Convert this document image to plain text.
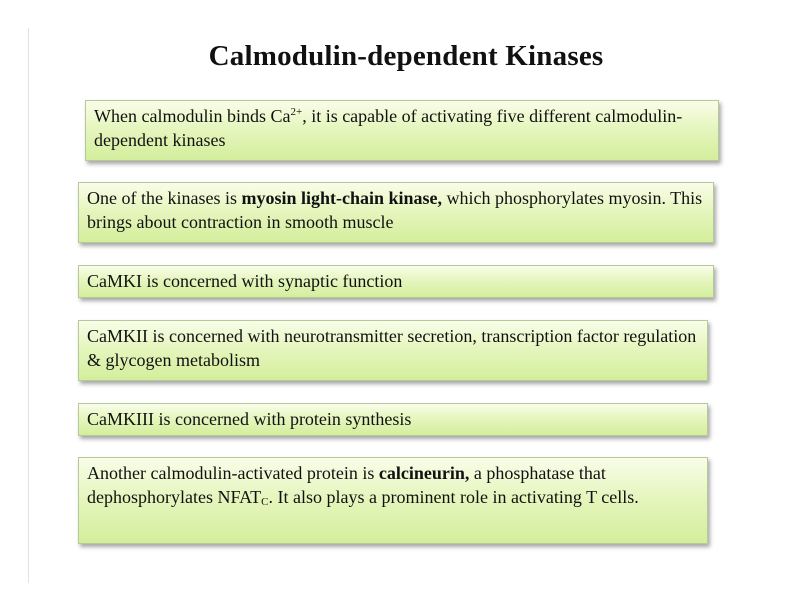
Calmodulin-dependent Kinases
When calmodulin binds $Ca^{2+}$, it is capable of activating five different calmodulin-dependent kinases
One of the kinases is myosin light-chain kinase, which phosphorylates myosin. This brings about contraction in smooth muscle
CaMKI is concerned with synaptic function
CaMKII is concerned with neurotransmitter secretion, transcription factor regulation & glycogen metabolism
CaMKIII is concerned with protein synthesis
Another calmodulin-activated protein is calcineurin, a phosphatase that dephosphorylates $NFAT_C$. It also plays a prominent role in activating T cells.
